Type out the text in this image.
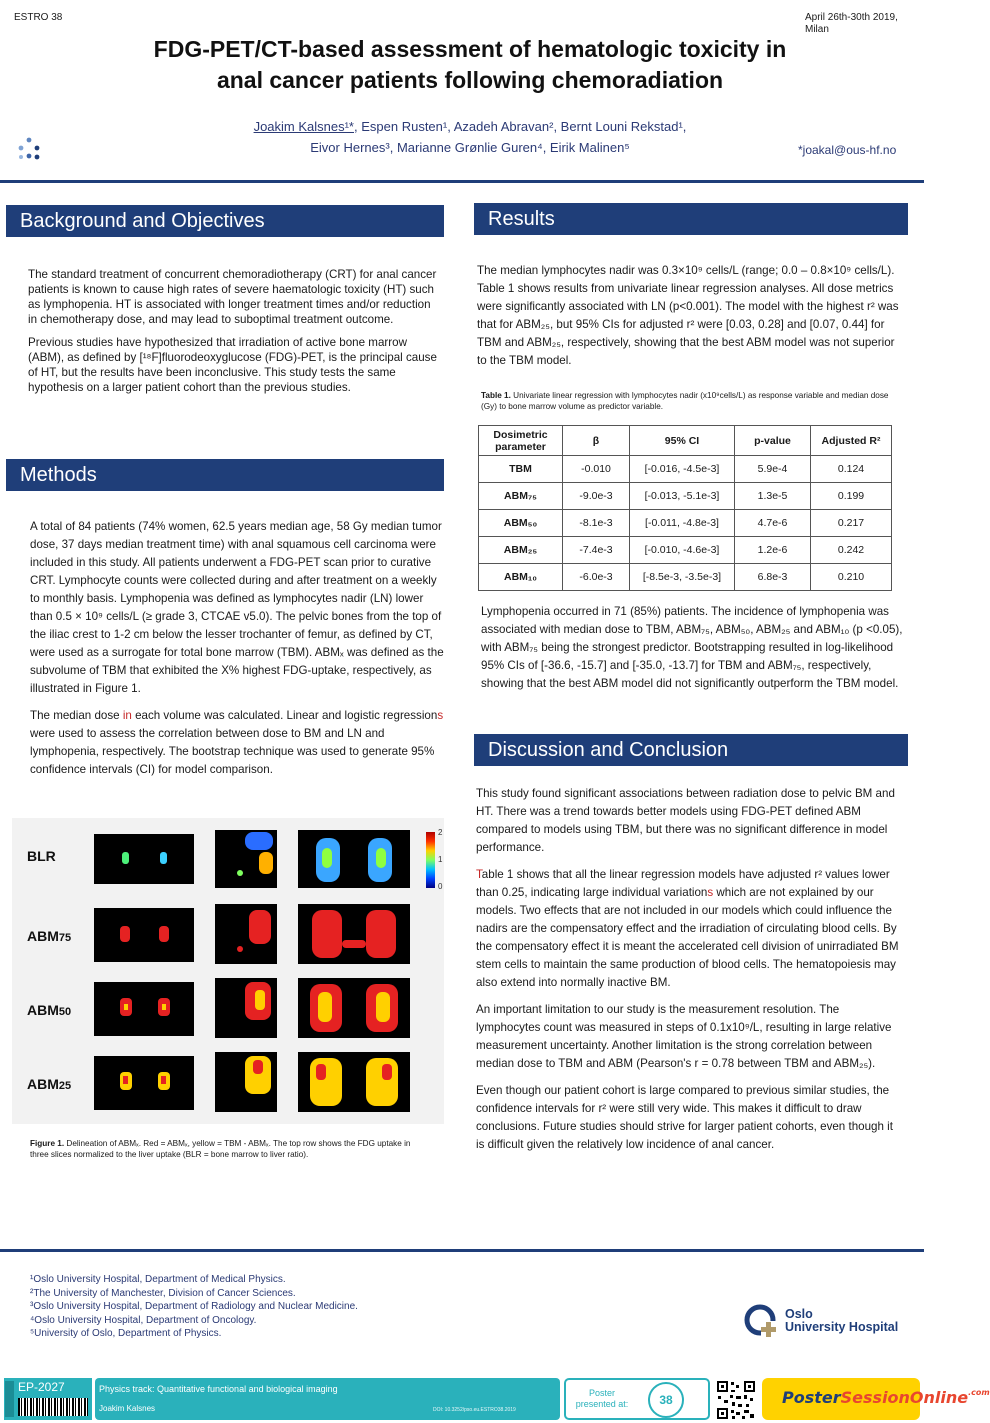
ESTRO 38	April 26th-30th 2019,
Milan
FDG-PET/CT-based assessment of hematologic toxicity in
anal cancer patients following chemoradiation
Joakim Kalsnes¹*, Espen Rusten¹, Azadeh Abravan², Bernt Louni Rekstad¹,
Eivor Hernes³, Marianne Grønlie Guren⁴, Eirik Malinen⁵	*joakal@ous-hf.no
Background and Objectives

The standard treatment of concurrent chemoradiotherapy (CRT) for anal cancer patients is known to cause high rates of severe haematologic toxicity (HT) such as lymphopenia. HT is associated with longer treatment times and/or reduction in chemotherapy dose, and may lead to suboptimal treatment outcome.

Previous studies have hypothesized that irradiation of active bone marrow (ABM), as defined by [¹⁸F]fluorodeoxyglucose (FDG)-PET, is the principal cause of HT, but the results have been inconclusive. This study tests the same hypothesis on a larger patient cohort than the previous studies.

Methods

A total of 84 patients (74% women, 62.5 years median age, 58 Gy median tumor dose, 37 days median treatment time) with anal squamous cell carcinoma were included in this study. All patients underwent a FDG-PET scan prior to curative CRT. Lymphocyte counts were collected during and after treatment on a weekly to monthly basis. Lymphopenia was defined as lymphocytes nadir (LN) lower than 0.5 × 10⁹ cells/L (≥ grade 3, CTCAE v5.0). The pelvic bones from the top of the iliac crest to 1-2 cm below the lesser trochanter of femur, as defined by CT, were used as a surrogate for total bone marrow (TBM). ABMₓ was defined as the subvolume of TBM that exhibited the X% highest FDG-uptake, respectively, as illustrated in Figure 1.

The median dose in each volume was calculated. Linear and logistic regressions were used to assess the correlation between dose to BM and LN and lymphopenia, respectively. The bootstrap technique was used to generate 95% confidence intervals (CI) for model comparison.

BLR
ABM75
ABM50
ABM25
2
1
0
Figure 1. Delineation of ABMₓ. Red = ABMₓ, yellow = TBM - ABMₓ. The top row shows the FDG uptake in three slices normalized to the liver uptake (BLR = bone marrow to liver ratio).
Results

The median lymphocytes nadir was 0.3×10⁹ cells/L (range; 0.0 – 0.8×10⁹ cells/L). Table 1 shows results from univariate linear regression analyses. All dose metrics were significantly associated with LN (p<0.001). The model with the highest r² was that for ABM₂₅, but 95% CIs for adjusted r² were [0.03, 0.28] and [0.07, 0.44] for TBM and ABM₂₅, respectively, showing that the best ABM model was not superior to the TBM model.

Table 1. Univariate linear regression with lymphocytes nadir (x10⁹cells/L) as response variable and median dose (Gy) to bone marrow volume as predictor variable.
Dosimetric parameter	β	95% CI	p-value	Adjusted R²
TBM	-0.010	[-0.016, -4.5e-3]	5.9e-4	0.124
ABM₇₅	-9.0e-3	[-0.013, -5.1e-3]	1.3e-5	0.199
ABM₅₀	-8.1e-3	[-0.011, -4.8e-3]	4.7e-6	0.217
ABM₂₅	-7.4e-3	[-0.010, -4.6e-3]	1.2e-6	0.242
ABM₁₀	-6.0e-3	[-8.5e-3, -3.5e-3]	6.8e-3	0.210

Lymphopenia occurred in 71 (85%) patients. The incidence of lymphopenia was associated with median dose to TBM, ABM₇₅, ABM₅₀, ABM₂₅ and ABM₁₀ (p <0.05), with ABM₇₅ being the strongest predictor. Bootstrapping resulted in log-likelihood 95% CIs of [-36.6, -15.7] and [-35.0, -13.7] for TBM and ABM₇₅, respectively, showing that the best ABM model did not significantly outperform the TBM model.

Discussion and Conclusion

This study found significant associations between radiation dose to pelvic BM and HT. There was a trend towards better models using FDG-PET defined ABM compared to models using TBM, but there was no significant difference in model performance.

Table 1 shows that all the linear regression models have adjusted r² values lower than 0.25, indicating large individual variations which are not explained by our models. Two effects that are not included in our models which could influence the nadirs are the compensatory effect and the irradiation of circulating blood cells. By the compensatory effect it is meant the accelerated cell division of unirradiated BM stem cells to maintain the same production of blood cells. The hematopoiesis may also extend into normally inactive BM.

An important limitation to our study is the measurement resolution. The lymphocytes count was measured in steps of 0.1x10⁹/L, resulting in large relative measurement uncertainty. Another limitation is the strong correlation between median dose to TBM and ABM (Pearson's r = 0.78 between TBM and ABM₂₅).

Even though our patient cohort is large compared to previous similar studies, the confidence intervals for r² were still very wide. This makes it difficult to draw conclusions. Future studies should strive for larger patient cohorts, even though it is difficult given the relatively low incidence of anal cancer.

¹Oslo University Hospital, Department of Medical Physics.
²The University of Manchester, Division of Cancer Sciences.
³Oslo University Hospital, Department of Radiology and Nuclear Medicine.
⁴Oslo University Hospital, Department of Oncology.
⁵University of Oslo, Department of Physics.
Oslo
University Hospital
EP-2027	Physics track: Quantitative functional and biological imaging
Joakim Kalsnes	DOI: 10.3252/pso.eu.ESTRO38.2019
Poster
presented at:	38	PosterSessionOnline$^{.com}$
